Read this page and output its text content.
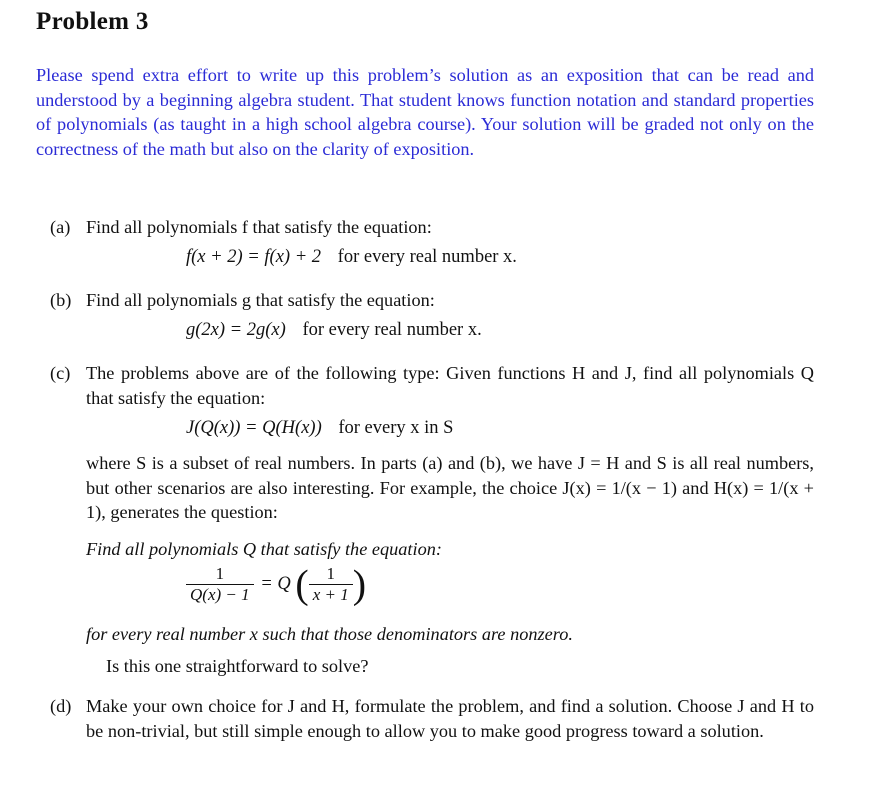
Problem 3

Please spend extra effort to write up this problem’s solution as an exposition that can be read and understood by a beginning algebra student. That student knows function notation and standard properties of polynomials (as taught in a high school algebra course). Your solution will be graded not only on the correctness of the math but also on the clarity of exposition.

(a) Find all polynomials f that satisfy the equation:
f(x + 2) = f(x) + 2 for every real number x.
(b) Find all polynomials g that satisfy the equation:
g(2x) = 2g(x) for every real number x.
(c) The problems above are of the following type: Given functions H and J, find all polynomials Q that satisfy the equation:
J(Q(x)) = Q(H(x)) for every x in S
where S is a subset of real numbers. In parts (a) and (b), we have J = H and S is all real numbers, but other scenarios are also interesting. For example, the choice J(x) = 1/(x − 1) and H(x) = 1/(x + 1), generates the question:
Find all polynomials Q that satisfy the equation:
$\frac{1}{Q(x) - 1} = Q$ ( $\frac{1}{x + 1}$ )
for every real number x such that those denominators are nonzero.
Is this one straightforward to solve?
(d) Make your own choice for J and H, formulate the problem, and find a solution. Choose J and H to be non-trivial, but still simple enough to allow you to make good progress toward a solution.
